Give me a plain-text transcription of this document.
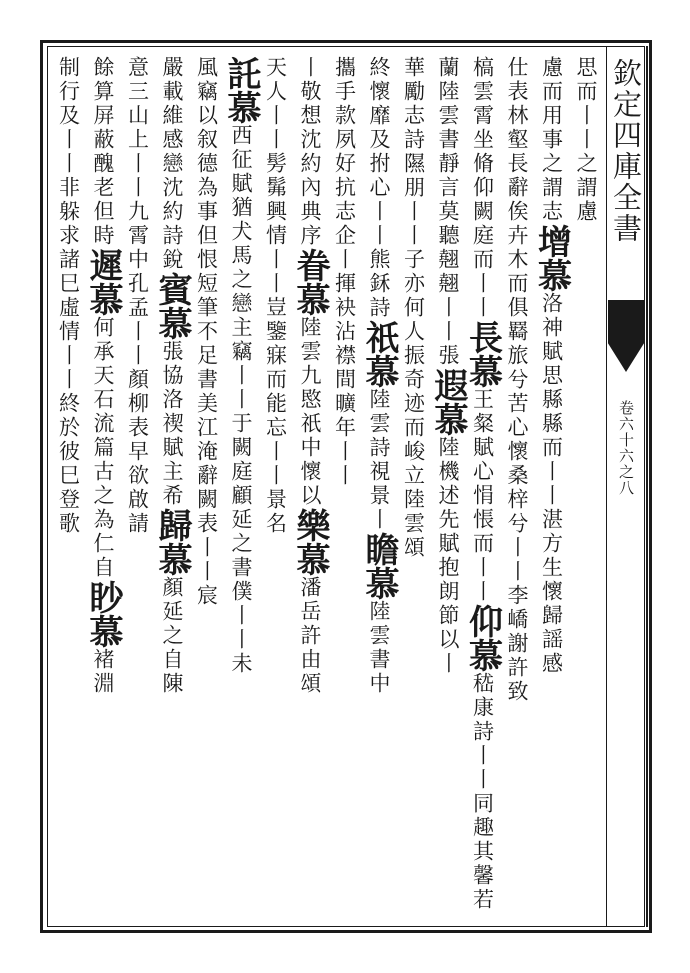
欽定四庫全書
卷六十六之八
思而丨丨之謂慮
慮而用事之謂志增慕洛神賦思縣縣而丨丨湛方生懷歸謡感
仕表林壑長辭俟卉木而俱羇旅兮苦心懷桑梓兮丨丨李嶠謝許致
槁雲霄坐脩仰闕庭而丨丨長慕王粲賦心悁悵而丨丨仰慕嵇康詩丨丨同趣其馨若
蘭陸雲書靜言莫聽翹翹丨丨張遐慕陸機述先賦抱朗節以丨
華勵志詩隰朋丨丨子亦何人振奇迹而峻立陸雲頌
終懷靡及拊心丨丨熊鉌詩祇慕陸雲詩視景丨瞻慕陸雲書中
攜手款夙好抗志企丨揮袂沾襟間曠年丨丨
丨敬想沈約內典序眷慕陸雲九愍祇中懷以樂慕潘岳許由頌
天人丨丨髣髴興情丨丨豈鑒寐而能忘丨丨景名
託慕西征賦猶犬馬之戀主竊丨丨于闕庭顧延之書僕丨丨未
風竊以叙德為事但恨短筆不足書美江淹辭闕表丨丨宸
嚴載維感戀沈約詩銳賓慕張協洛禊賦主希歸慕顏延之自陳
意三山上丨丨九霄中孔孟丨丨顏柳表早欲啟請
餘算屏蔽醜老但時遲慕何承天石流篇古之為仁自眇慕褚淵
制行及丨丨非躲求諸巳虛情丨丨終於彼巳登歌
